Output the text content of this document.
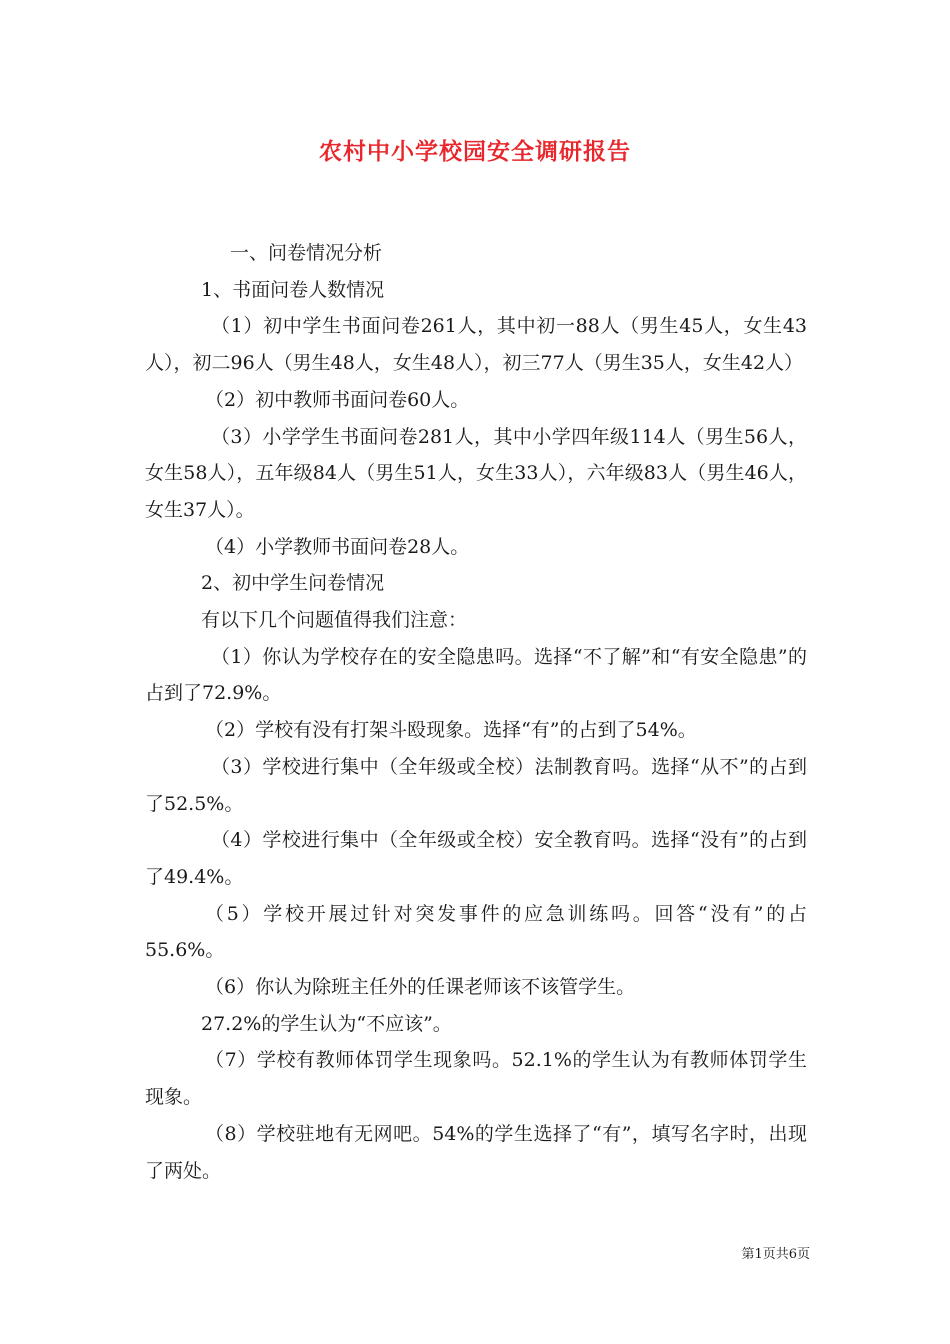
农村中小学校园安全调研报告

一、问卷情况分析

1、书面问卷人数情况

（1）初中学生书面问卷261人，其中初一88人（男生45人，女生43人），初二96人（男生48人，女生48人），初三77人（男生35人，女生42人）

（2）初中教师书面问卷60人。

（3）小学学生书面问卷281人，其中小学四年级114人（男生56人，女生58人），五年级84人（男生51人，女生33人），六年级83人（男生46人，女生37人）。

（4）小学教师书面问卷28人。

2、初中学生问卷情况

有以下几个问题值得我们注意：

（1）你认为学校存在的安全隐患吗。选择“不了解”和“有安全隐患”的占到了72.9%。

（2）学校有没有打架斗殴现象。选择“有”的占到了54%。

（3）学校进行集中（全年级或全校）法制教育吗。选择“从不”的占到了52.5%。

（4）学校进行集中（全年级或全校）安全教育吗。选择“没有”的占到了49.4%。

（5）学校开展过针对突发事件的应急训练吗。回答“没有”的占55.6%。

（6）你认为除班主任外的任课老师该不该管学生。

27.2%的学生认为“不应该”。

（7）学校有教师体罚学生现象吗。52.1%的学生认为有教师体罚学生现象。

（8）学校驻地有无网吧。54%的学生选择了“有”，填写名字时，出现了两处。

第1页共6页
